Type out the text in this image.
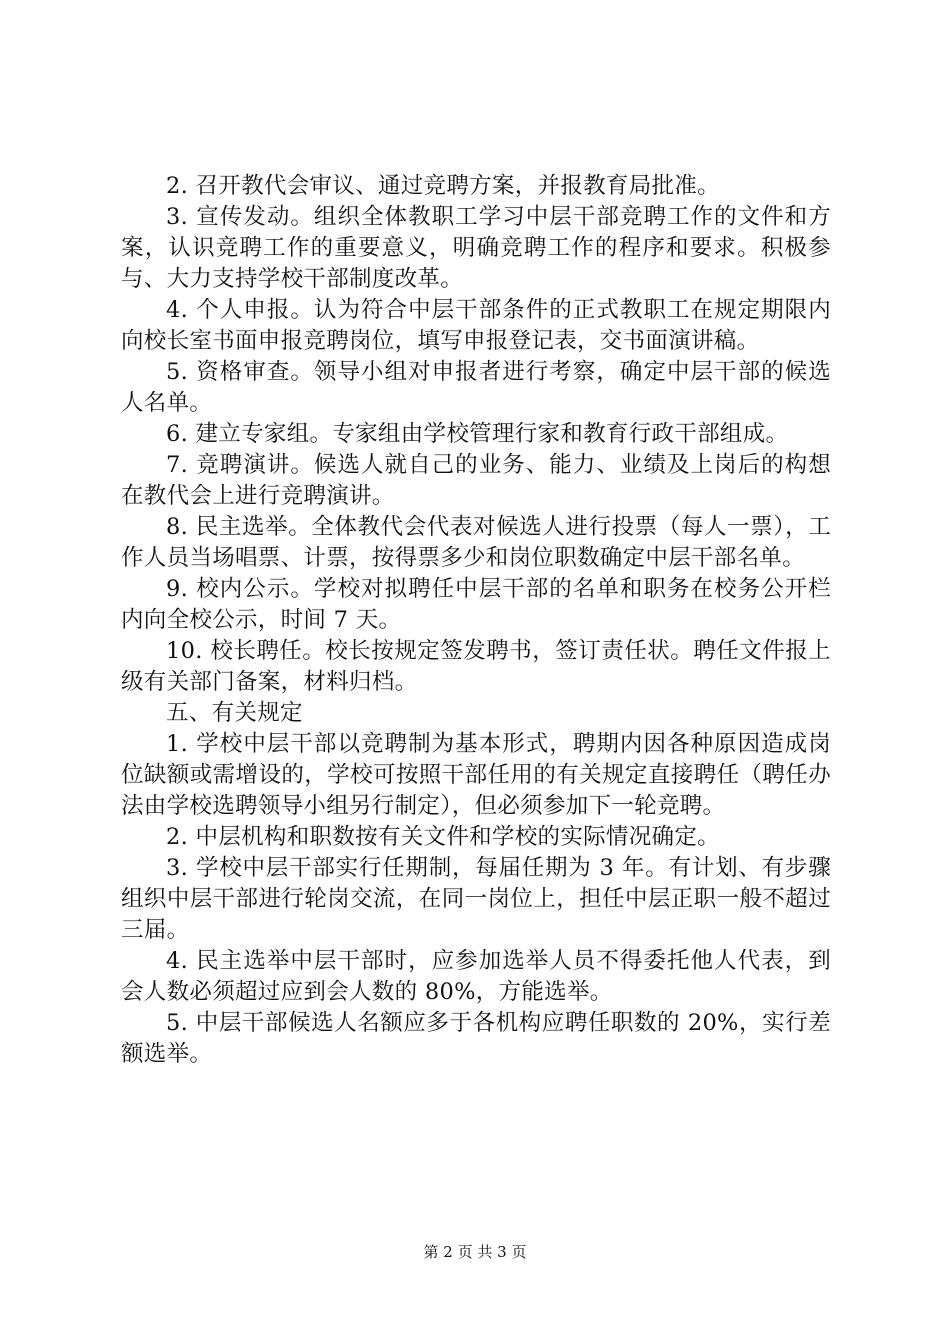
2. 召开教代会审议、通过竞聘方案，并报教育局批准。

3. 宣传发动。组织全体教职工学习中层干部竞聘工作的文件和方案，认识竞聘工作的重要意义，明确竞聘工作的程序和要求。积极参与、大力支持学校干部制度改革。

4. 个人申报。认为符合中层干部条件的正式教职工在规定期限内向校长室书面申报竞聘岗位，填写申报登记表，交书面演讲稿。

5. 资格审查。领导小组对申报者进行考察，确定中层干部的候选人名单。

6. 建立专家组。专家组由学校管理行家和教育行政干部组成。

7. 竞聘演讲。候选人就自己的业务、能力、业绩及上岗后的构想在教代会上进行竞聘演讲。

8. 民主选举。全体教代会代表对候选人进行投票（每人一票），工作人员当场唱票、计票，按得票多少和岗位职数确定中层干部名单。

9. 校内公示。学校对拟聘任中层干部的名单和职务在校务公开栏内向全校公示，时间 7 天。

10. 校长聘任。校长按规定签发聘书，签订责任状。聘任文件报上级有关部门备案，材料归档。

五、有关规定

1. 学校中层干部以竞聘制为基本形式，聘期内因各种原因造成岗位缺额或需增设的，学校可按照干部任用的有关规定直接聘任（聘任办法由学校选聘领导小组另行制定），但必须参加下一轮竞聘。

2. 中层机构和职数按有关文件和学校的实际情况确定。

3. 学校中层干部实行任期制，每届任期为 3 年。有计划、有步骤组织中层干部进行轮岗交流，在同一岗位上，担任中层正职一般不超过三届。

4. 民主选举中层干部时，应参加选举人员不得委托他人代表，到会人数必须超过应到会人数的 80%，方能选举。

5. 中层干部候选人名额应多于各机构应聘任职数的 20%，实行差额选举。

第 2 页 共 3 页
